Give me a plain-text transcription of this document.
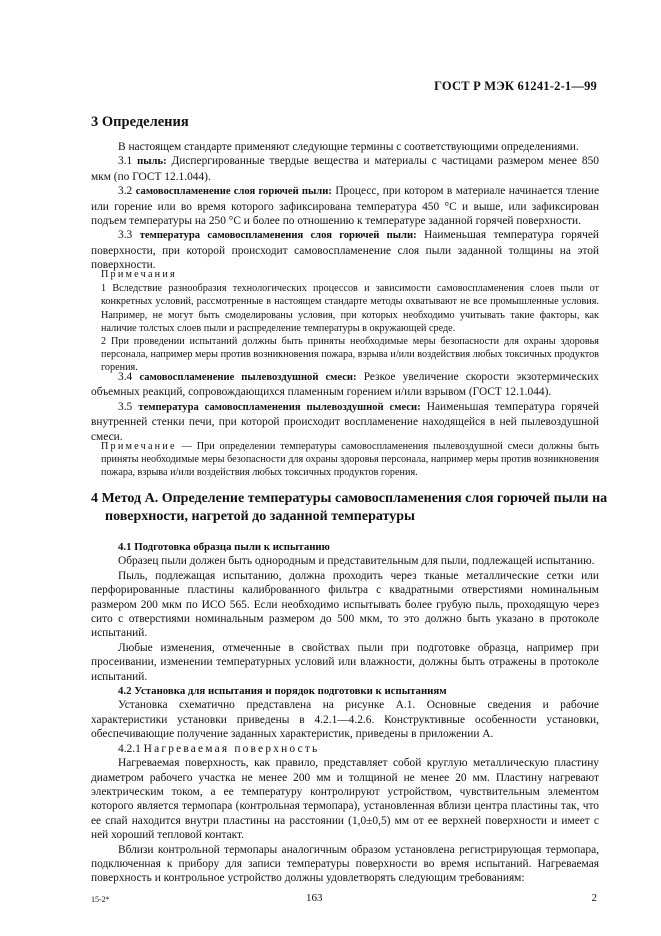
ГОСТ Р МЭК 61241-2-1—99
3 Определения

В настоящем стандарте применяют следующие термины с соответствующими определениями.

3.1 пыль: Диспергированные твердые вещества и материалы с частицами размером менее 850 мкм (по ГОСТ 12.1.044).

3.2 самовоспламенение слоя горючей пыли: Процесс, при котором в материале начинается тление или горение или во время которого зафиксирована температура 450 °С и выше, или зафиксирован подъем температуры на 250 °С и более по отношению к температуре заданной горячей поверхности.

3.3 температура самовоспламенения слоя горючей пыли: Наименьшая температура горячей поверхности, при которой происходит самовоспламенение слоя пыли заданной толщины на этой поверхности.

Примечания

1 Вследствие разнообразия технологических процессов и зависимости самовоспламенения слоев пыли от конкретных условий, рассмотренные в настоящем стандарте методы охватывают не все промышленные условия. Например, не могут быть смоделированы условия, при которых необходимо учитывать такие факторы, как наличие толстых слоев пыли и распределение температуры в окружающей среде.

2 При проведении испытаний должны быть приняты необходимые меры безопасности для охраны здоровья персонала, например меры против возникновения пожара, взрыва и/или воздействия любых токсичных продуктов горения.

3.4 самовоспламенение пылевоздушной смеси: Резкое увеличение скорости экзотермических объемных реакций, сопровождающихся пламенным горением и/или взрывом (ГОСТ 12.1.044).

3.5 температура самовоспламенения пылевоздушной смеси: Наименьшая температура горячей внутренней стенки печи, при которой происходит воспламенение находящейся в ней пылевоздушной смеси.

Примечание — При определении температуры самовоспламенения пылевоздушной смеси должны быть приняты необходимые меры безопасности для охраны здоровья персонала, например меры против возникновения пожара, взрыва и/или воздействия любых токсичных продуктов горения.

4 Метод А. Определение температуры самовоспламенения слоя горючей пыли на поверхности, нагретой до заданной температуры

4.1 Подготовка образца пыли к испытанию

Образец пыли должен быть однородным и представительным для пыли, подлежащей испытанию.

Пыль, подлежащая испытанию, должна проходить через тканые металлические сетки или перфорированные пластины калиброванного фильтра с квадратными отверстиями номинальным размером 200 мкм по ИСО 565. Если необходимо испытывать более грубую пыль, проходящую через сито с отверстиями номинальным размером до 500 мкм, то это должно быть указано в протоколе испытаний.

Любые изменения, отмеченные в свойствах пыли при подготовке образца, например при просеивании, изменении температурных условий или влажности, должны быть отражены в протоколе испытаний.

4.2 Установка для испытания и порядок подготовки к испытаниям

Установка схематично представлена на рисунке А.1. Основные сведения и рабочие характеристики установки приведены в 4.2.1—4.2.6. Конструктивные особенности установки, обеспечивающие получение заданных характеристик, приведены в приложении А.

4.2.1 Нагреваемая поверхность

Нагреваемая поверхность, как правило, представляет собой круглую металлическую пластину диаметром рабочего участка не менее 200 мм и толщиной не менее 20 мм. Пластину нагревают электрическим током, а ее температуру контролируют устройством, чувствительным элементом которого является термопара (контрольная термопара), установленная вблизи центра пластины так, что ее спай находится внутри пластины на расстоянии (1,0±0,5) мм от ее верхней поверхности и имеет с ней хороший тепловой контакт.

Вблизи контрольной термопары аналогичным образом установлена регистрирующая термопара, подключенная к прибору для записи температуры поверхности во время испытаний. Нагреваемая поверхность и контрольное устройство должны удовлетворять следующим требованиям:

15-2*	163	2
